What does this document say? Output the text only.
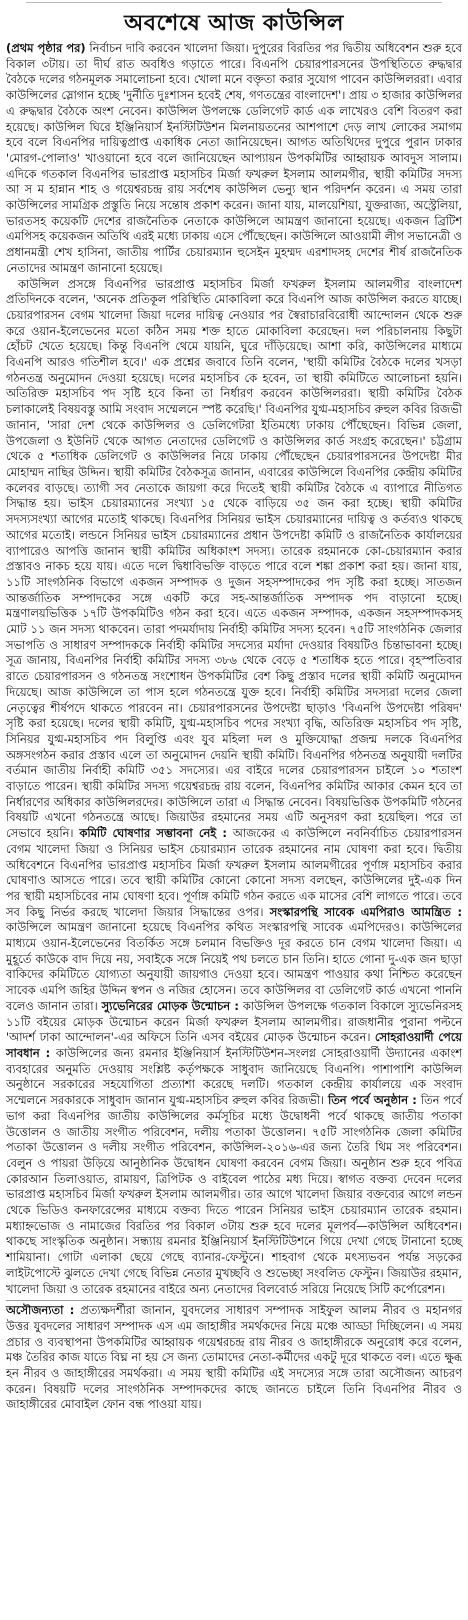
অবশেষে আজ কাউন্সিল

(প্রথম পৃষ্ঠার পর) নির্বাচন দাবি করবেন খালেদা জিয়া। দুপুরের বিরতির পর দ্বিতীয় অধিবেশন শুরু হবে বিকাল ৩টায়। তা দীর্ঘ রাত অবধিও গড়াতে পারে। বিএনপি চেয়ারপারসনের উপস্থিতিতে রুদ্ধদ্বার বৈঠকে দলের গঠনমূলক সমালোচনা হবে। খোলা মনে বক্তৃতা করার সুযোগ পাবেন কাউন্সিলররা। এবার কাউন্সিলের স্লোগান হচ্ছে 'দুর্নীতি দুঃশাসন হবেই শেষ, গণতন্ত্রের বাংলাদেশ'। প্রায় ৩ হাজার কাউন্সিলর এ রুদ্ধদ্বার বৈঠকে অংশ নেবেন। কাউন্সিল উপলক্ষে ডেলিগেট কার্ড এক লাখেরও বেশি বিতরণ করা হয়েছে। কাউন্সিল ঘিরে ইঞ্জিনিয়ার্স ইনস্টিটিউশন মিলনায়তনের আশপাশে দেড় লাখ লোকের সমাগম হবে বলে বিএনপির দায়িত্বপ্রাপ্ত একাধিক নেতা জানিয়েছেন। আগত অতিথিদের দুপুরে পুরান ঢাকার 'মোরগ-পোলাও' খাওয়ানো হবে বলে জানিয়েছেন আপ্যায়ন উপকমিটির আহ্বায়ক আবদুস সালাম। এদিকে গতকাল বিএনপির ভারপ্রাপ্ত মহাসচিব মির্জা ফখরুল ইসলাম আলমগীর, স্থায়ী কমিটির সদস্য আ স ম হান্নান শাহ ও গয়েশ্বরচন্দ্র রায় সর্বশেষ কাউন্সিল ভেন্যু স্থান পরিদর্শন করেন। এ সময় তারা কাউন্সিলের সামগ্রিক প্রস্তুতি নিয়ে সন্তোষ প্রকাশ করেন। জানা যায়, মালয়েশিয়া, যুক্তরাজ্য, অস্ট্রেলিয়া, ভারতসহ কয়েকটি দেশের রাজনৈতিক নেতাকে কাউন্সিলে আমন্ত্রণ জানানো হয়েছে। একজন ব্রিটিশ এমপিসহ কয়েকজন অতিথি এরই মধ্যে ঢাকায় এসে পৌঁছেছেন। কাউন্সিলে আওয়ামী লীগ সভানেত্রী ও প্রধানমন্ত্রী শেখ হাসিনা, জাতীয় পার্টির চেয়ারম্যান হুসেইন মুহম্মদ এরশাদসহ দেশের শীর্ষ রাজনৈতিক নেতাদের আমন্ত্রণ জানানো হয়েছে।

কাউন্সিল প্রসঙ্গে বিএনপির ভারপ্রাপ্ত মহাসচিব মির্জা ফখরুল ইসলাম আলমগীর বাংলাদেশ প্রতিদিনকে বলেন, 'অনেক প্রতিকূল পরিস্থিতি মোকাবিলা করে বিএনপি আজ কাউন্সিল করতে যাচ্ছে। চেয়ারপারসন বেগম খালেদা জিয়া দলের দায়িত্ব নেওয়ার পর স্বৈরাচারবিরোধী আন্দোলন থেকে শুরু করে ওয়ান-ইলেভেনের মতো কঠিন সময় শক্ত হাতে মোকাবিলা করেছেন। দল পরিচালনায় কিছুটা হোঁচট খেতে হয়েছে। কিন্তু বিএনপি থেমে যায়নি, ঘুরে দাঁড়িয়েছে। আশা করি, কাউন্সিলের মাধ্যমে বিএনপি আরও গতিশীল হবে।' এক প্রশ্নের জবাবে তিনি বলেন, 'স্থায়ী কমিটির বৈঠকে দলের খসড়া গঠনতন্ত্র অনুমোদন দেওয়া হয়েছে। দলের মহাসচিব কে হবেন, তা স্থায়ী কমিটিতে আলোচনা হয়নি। অতিরিক্ত মহাসচিব পদ সৃষ্টি হবে কিনা তা নির্ধারণ করবেন কাউন্সিলররা। স্থায়ী কমিটির বৈঠক চলাকালেই বিষয়বস্তু আমি সংবাদ সম্মেলনে স্পষ্ট করেছি।' বিএনপির যুগ্ম-মহাসচিব রুহুল কবির রিজভী জানান, 'সারা দেশ থেকে কাউন্সিলর ও ডেলিগেটরা ইতিমধ্যে ঢাকায় পৌঁছেছেন। বিভিন্ন জেলা, উপজেলা ও ইউনিট থেকে আগত নেতাদের ডেলিগেট ও কাউন্সিলর কার্ড সংগ্রহ করেছেন।' চট্টগ্রাম থেকে ৫ শতাধিক ডেলিগেট ও কাউন্সিলর নিয়ে ঢাকায় পৌঁছেছেন চেয়ারপারসনের উপদেষ্টা মীর মোহাম্মদ নাছির উদ্দিন। স্থায়ী কমিটির বৈঠকসূত্র জানান, এবারের কাউন্সিলে বিএনপির কেন্দ্রীয় কমিটির কলেবর বাড়ছে। ত্যাগী সব নেতাকে জায়গা করে দিতেই স্থায়ী কমিটির বৈঠকে এ ব্যাপারে নীতিগত সিদ্ধান্ত হয়। ভাইস চেয়ারম্যানের সংখ্যা ১৫ থেকে বাড়িয়ে ৩৫ জন করা হচ্ছে। স্থায়ী কমিটির সদস্যসংখ্যা আগের মতোই থাকছে। বিএনপির সিনিয়র ভাইস চেয়ারম্যানের দায়িত্ব ও কর্তব্যও থাকছে আগের মতোই। লন্ডনে সিনিয়র ভাইস চেয়ারম্যানের প্রধান উপদেষ্টা কমিটি ও রাজনৈতিক কার্যালয়ের ব্যাপারেও আপত্তি জানান স্থায়ী কমিটির অধিকাংশ সদস্য। তারেক রহমানকে কো-চেয়ারম্যান করার প্রস্তাবও নাকচ হয়ে যায়। এতে দলে দ্বিধাবিভক্তি বাড়তে পারে বলে শঙ্কা প্রকাশ করা হয়। জানা যায়, ১১টি সাংগঠনিক বিভাগে একজন সম্পাদক ও দুজন সহসম্পাদকের পদ সৃষ্টি করা হচ্ছে। সাতজন আন্তর্জাতিক সম্পাদকের সঙ্গে একটি করে সহ-আন্তর্জাতিক সম্পাদক পদ বাড়ানো হচ্ছে। মন্ত্রণালয়ভিত্তিক ১৭টি উপকমিটিও গঠন করা হবে। এতে একজন সম্পাদক, একজন সহসম্পাদকসহ মোট ১১ জন সদস্য থাকবেন। তারা পদমর্যাদায় নির্বাহী কমিটির সদস্য হবেন। ৭৫টি সাংগঠনিক জেলার সভাপতি ও সাধারণ সম্পাদককে নির্বাহী কমিটির সদস্যের মর্যাদা দেওয়ার বিষয়টিও চিন্তাভাবনা হচ্ছে। সূত্র জানায়, বিএনপির নির্বাহী কমিটির সদস্য ৩৮৬ থেকে বেড়ে ৫ শতাধিক হতে পারে। বৃহস্পতিবার রাতে চেয়ারপারসন ও গঠনতন্ত্র সংশোধন উপকমিটির বেশ কিছু প্রস্তাব দলের স্থায়ী কমিটি অনুমোদন দিয়েছে। আজ কাউন্সিলে তা পাস হলে গঠনতন্ত্রে যুক্ত হবে। নির্বাহী কমিটির সদস্যরা দলের জেলা নেতৃত্বের শীর্ষপদে থাকতে পারবেন না। চেয়ারপারসনের উপদেষ্টা ছাড়াও 'বিএনপি উপদেষ্টা পরিষদ' সৃষ্টি করা হয়েছে। দলের স্থায়ী কমিটি, যুগ্ম-মহাসচিব পদের সংখ্যা বৃদ্ধি, অতিরিক্ত মহাসচিব পদ সৃষ্টি, সিনিয়র যুগ্ম-মহাসচিব পদ বিলুপ্তি এবং যুব মহিলা দল ও মুক্তিযোদ্ধা প্রজন্ম দলকে বিএনপির অঙ্গসংগঠন করার প্রস্তাব এলে তা অনুমোদন দেয়নি স্থায়ী কমিটি। বিএনপির গঠনতন্ত্র অনুযায়ী দলটির বর্তমান জাতীয় নির্বাহী কমিটি ৩৫১ সদস্যের। এর বাইরে দলের চেয়ারপারসন চাইলে ১০ শতাংশ বাড়াতে পারেন। স্থায়ী কমিটির সদস্য গয়েশ্বরচন্দ্র রায় বলেন, বিএনপির কমিটির আকার কেমন হবে তা নির্ধারণের অধিকার কাউন্সিলরদের। কাউন্সিলে তারা এ সিদ্ধান্ত নেবেন। বিষয়ভিত্তিক উপকমিটি গঠনের বিষয়টি এখনো গঠনতন্ত্রে আছে। জিয়াউর রহমানের সময় এটি অনুসরণ করা হয়েছিল। পরে তা সেভাবে হয়নি। কমিটি ঘোষণার সম্ভাবনা নেই : আজকের এ কাউন্সিলে নবনির্বাচিত চেয়ারপারসন বেগম খালেদা জিয়া ও সিনিয়র ভাইস চেয়ারম্যান তারেক রহমানের নাম ঘোষণা করা হবে। দ্বিতীয় অধিবেশনে বিএনপির ভারপ্রাপ্ত মহাসচিব মির্জা ফখরুল ইসলাম আলমগীরের পূর্ণাঙ্গ মহাসচিব করার ঘোষণাও আসতে পারে। তবে স্থায়ী কমিটির কোনো কোনো সদস্য বলছেন, কাউন্সিলের দুই-এক দিন পর স্থায়ী মহাসচিবের নাম ঘোষণা হবে। পূর্ণাঙ্গ কমিটি গঠন করতে এক মাসের বেশি লাগতে পারে। তবে সব কিছু নির্ভর করছে খালেদা জিয়ার সিদ্ধান্তের ওপর। সংস্কারপন্থি সাবেক এমপিরাও আমন্ত্রিত : কাউন্সিলে আমন্ত্রণ জানানো হয়েছে বিএনপির কথিত সংস্কারপন্থি সাবেক এমপিদেরও। কাউন্সিলের মাধ্যমে ওয়ান-ইলেভেনের বিতর্কিত সঙ্গে চলমান বিভক্তিও দূর করতে চান বেগম খালেদা জিয়া। এ মুহূর্তে কাউকে বাদ দিয়ে নয়, সবাইকে সঙ্গে নিয়েই পথ চলতে চান তিনি। হাতে গোনা দু-এক জন ছাড়া বাকিদের কমিটিতে যোগ্যতা অনুযায়ী জায়গাও দেওয়া হবে। আমন্ত্রণ পাওয়ার কথা নিশ্চিত করেছেন সাবেক এমপি জহির উদ্দিন স্বপন ও নজির হোসেন। তবে কাউন্সিলর বা ডেলিগেট কার্ড এখনো পাননি বলেও জানান তারা। স্যুভেনিরের মোড়ক উন্মোচন : কাউন্সিল উপলক্ষে গতকাল বিকালে স্যুভেনিরসহ ১১টি বইয়ের মোড়ক উন্মোচন করেন মির্জা ফখরুল ইসলাম আলমগীর। রাজধানীর পুরানা পল্টনে 'আদর্শ ঢাকা আন্দোলন'-এর অফিসে তিনি এসব বইয়ের মোড়ক উন্মোচন করেন। সোহরাওয়ার্দী পেয়ে সাবধান : কাউন্সিলের জন্য রমনার ইঞ্জিনিয়ার্স ইনস্টিটিউশন-সংলগ্ন সোহরাওয়ার্দী উদ্যানের একাংশ ব্যবহারের অনুমতি দেওয়ায় সংশ্লিষ্ট কর্তৃপক্ষকে সাধুবাদ জানিয়েছে বিএনপি। পাশাপাশি কাউন্সিল অনুষ্ঠানে সরকারের সহযোগিতা প্রত্যাশা করেছে দলটি। গতকাল কেন্দ্রীয় কার্যালয়ে এক সংবাদ সম্মেলনে সরকারকে সাধুবাদ জানান যুগ্ম-মহাসচিব রুহুল কবির রিজভী। তিন পর্বে অনুষ্ঠান : তিন পর্বে ভাগ করা বিএনপির জাতীয় কাউন্সিলের কর্মসূচির মধ্যে উদ্বোধনী পর্বে থাকছে জাতীয় পতাকা উত্তোলন ও জাতীয় সংগীত পরিবেশন, দলীয় পতাকা উত্তোলন। ৭৫টি সাংগঠনিক জেলা কমিটির পতাকা উত্তোলন ও দলীয় সংগীত পরিবেশন, কাউন্সিল-২০১৬-এর জন্য তৈরি থিম সং পরিবেশন। বেলুন ও পায়রা উড়িয়ে আনুষ্ঠানিক উদ্বোধন ঘোষণা করবেন বেগম জিয়া। অনুষ্ঠান শুরু হবে পবিত্র কোরআন তিলাওয়াত, রামায়ণ, ত্রিপিটক ও বাইবেল পাঠের মধ্য দিয়ে। স্বাগত বক্তব্য দেবেন দলের ভারপ্রাপ্ত মহাসচিব মির্জা ফখরুল ইসলাম আলমগীর। তার আগে খালেদা জিয়ার বক্তব্যের আগে লন্ডন থেকে ভিডিও কনফারেন্সের মাধ্যমে বক্তব্য দিতে পারেন সিনিয়র ভাইস চেয়ারম্যান তারেক রহমান। মধ্যাহ্নভোজ ও নামাজের বিরতির পর বিকাল ৩টায় শুরু হবে দলের মূলপর্ব—কাউন্সিল অধিবেশন। থাকছে সাংস্কৃতিক অনুষ্ঠান। সন্ধ্যায় রমনার ইঞ্জিনিয়ার্স ইনস্টিটিউশনে গিয়ে দেখা গেছে টানানো হচ্ছে শামিয়ানা। গোটা এলাকা ছেয়ে গেছে ব্যানার-ফেস্টুনে। শাহবাগ থেকে মৎস্যভবন পর্যন্ত সড়কের লাইটপোস্টে ঝুলতে দেখা গেছে বিভিন্ন নেতার মুখচ্ছবি ও শুভেচ্ছা সংবলিত ফেস্টুন। জিয়াউর রহমান, খালেদা জিয়া ও তারেক রহমানের বাইরে অন্য নেতাদের বিলবোর্ড সরিয়ে নিয়েছে সিটি কর্পোরেশন।

অসৌজন্যতা : প্রত্যক্ষদর্শীরা জানান, যুবদলের সাধারণ সম্পাদক সাইফুল আলম নীরব ও মহানগর উত্তর যুবদলের সাধারণ সম্পাদক এস এম জাহাঙ্গীর সমর্থকদের নিয়ে মঞ্চে আড্ডা দিচ্ছিলেন। এ সময় প্রচার ও ব্যবস্থাপনা উপকমিটির আহ্বায়ক গয়েশ্বরচন্দ্র রায় নীরব ও জাহাঙ্গীরকে অনুরোধ করে বলেন, মঞ্চ তৈরির কাজ যাতে বিঘ্ন না হয় সে জন্য তোমাদের নেতা-কর্মীদের একটু দূরে থাকতে বল। এতে ক্ষুব্ধ হন নীরব ও জাহাঙ্গীরের সমর্থকরা। এ সময় স্থায়ী কমিটির এই সদস্যের সঙ্গে তারা অসৌজন্য আচরণ করেন। বিষয়টি দলের সাংগঠনিক সম্পাদকদের কাছে জানতে চাইলে তিনি বিএনপির নীরব ও জাহাঙ্গীরের মোবাইল ফোন বন্ধ পাওয়া যায়।
